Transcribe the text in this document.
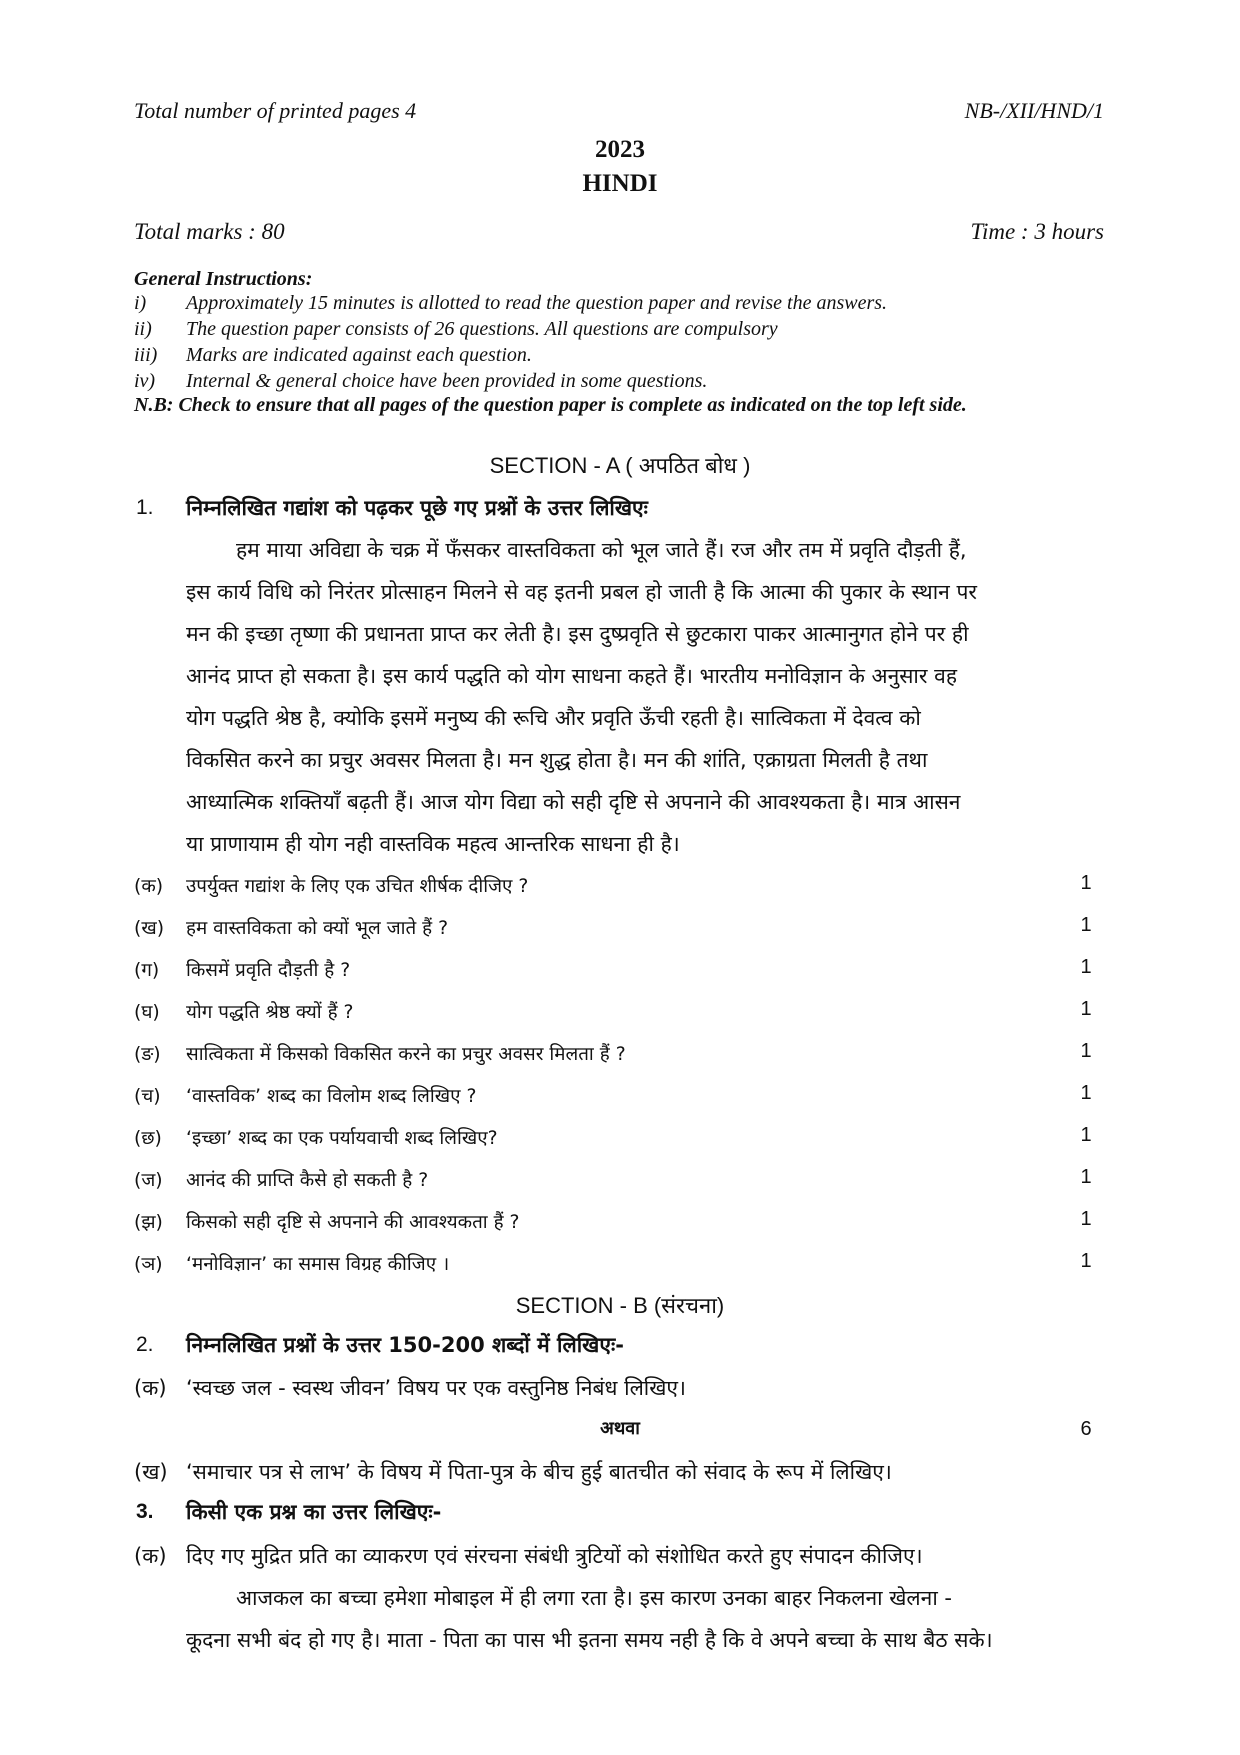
Total number of printed pages 4	NB-/XII/HND/1
2023
HINDI
Total marks : 80	Time : 3 hours
General Instructions:
i) Approximately 15 minutes is allotted to read the question paper and revise the answers.
ii) The question paper consists of 26 questions. All questions are compulsory
iii) Marks are indicated against each question.
iv) Internal & general choice have been provided in some questions.
N.B: Check to ensure that all pages of the question paper is complete as indicated on the top left side.
SECTION - A ( अपठित बोध )
1. निम्नलिखित गद्यांश को पढ़कर पूछे गए प्रश्नों के उत्तर लिखिएः
हम माया अविद्या के चक्र में फँसकर वास्तविकता को भूल जाते हैं। रज और तम में प्रवृति दौड़ती हैं,
इस कार्य विधि को निरंतर प्रोत्साहन मिलने से वह इतनी प्रबल हो जाती है कि आत्मा की पुकार के स्थान पर
मन की इच्छा तृष्णा की प्रधानता प्राप्त कर लेती है। इस दुष्प्रवृति से छुटकारा पाकर आत्मानुगत होने पर ही
आनंद प्राप्त हो सकता है। इस कार्य पद्धति को योग साधना कहते हैं। भारतीय मनोविज्ञान के अनुसार वह
योग पद्धति श्रेष्ठ है, क्योकि इसमें मनुष्य की रूचि और प्रवृति ऊँची रहती है। सात्विकता में देवत्व को
विकसित करने का प्रचुर अवसर मिलता है। मन शुद्ध होता है। मन की शांति, एक्राग्रता मिलती है तथा
आध्यात्मिक शक्तियाँ बढ़ती हैं। आज योग विद्या को सही दृष्टि से अपनाने की आवश्यकता है। मात्र आसन
या प्राणायाम ही योग नही वास्तविक महत्व आन्तरिक साधना ही है।
(क) उपर्युक्त गद्यांश के लिए एक उचित शीर्षक दीजिए ?	1
(ख) हम वास्तविकता को क्यों भूल जाते हैं ?	1
(ग) किसमें प्रवृति दौड़ती है ?	1
(घ) योग पद्धति श्रेष्ठ क्यों हैं ?	1
(ङ) सात्विकता में किसको विकसित करने का प्रचुर अवसर मिलता हैं ?	1
(च) ‘वास्तविक’ शब्द का विलोम शब्द लिखिए ?	1
(छ) ‘इच्छा’ शब्द का एक पर्यायवाची शब्द लिखिए?	1
(ज) आनंद की प्राप्ति कैसे हो सकती है ?	1
(झ) किसको सही दृष्टि से अपनाने की आवश्यकता हैं ?	1
(ञ) ‘मनोविज्ञान’ का समास विग्रह कीजिए ।	1
SECTION - B (संरचना)
2. निम्नलिखित प्रश्नों के उत्तर 150-200 शब्दों में लिखिएः-
(क) ‘स्वच्छ जल - स्वस्थ जीवन’ विषय पर एक वस्तुनिष्ठ निबंध लिखिए।
अथवा	6
(ख) ‘समाचार पत्र से लाभ’ के विषय में पिता-पुत्र के बीच हुई बातचीत को संवाद के रूप में लिखिए।
3. किसी एक प्रश्न का उत्तर लिखिएः-
(क) दिए गए मुद्रित प्रति का व्याकरण एवं संरचना संबंधी त्रुटियों को संशोधित करते हुए संपादन कीजिए।
आजकल का बच्चा हमेशा मोबाइल में ही लगा रता है। इस कारण उनका बाहर निकलना खेलना -
कूदना सभी बंद हो गए है। माता - पिता का पास भी इतना समय नही है कि वे अपने बच्चा के साथ बैठ सके।
